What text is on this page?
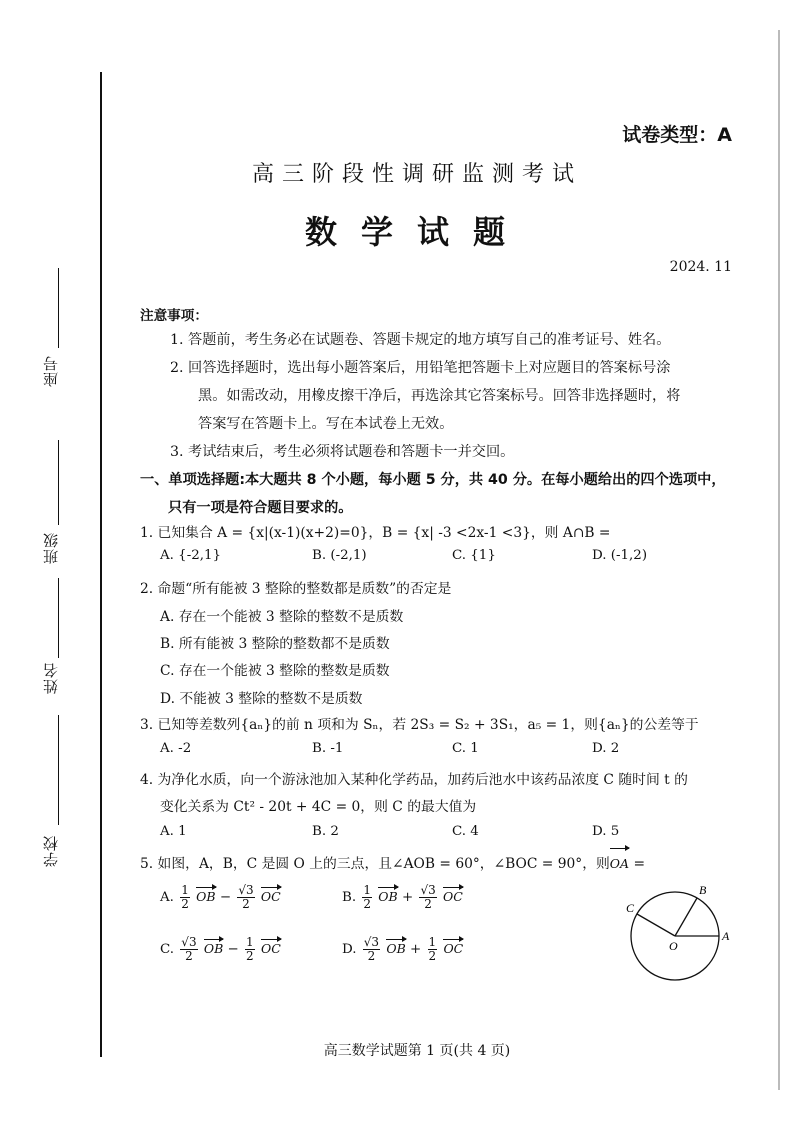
座号
班级
姓名
学校
试卷类型：A
高三阶段性调研监测考试
数学试题
2024. 11
注意事项：
1. 答题前，考生务必在试题卷、答题卡规定的地方填写自己的准考证号、姓名。
2. 回答选择题时，选出每小题答案后，用铅笔把答题卡上对应题目的答案标号涂
黑。如需改动，用橡皮擦干净后，再选涂其它答案标号。回答非选择题时，将
答案写在答题卡上。写在本试卷上无效。
3. 考试结束后，考生必须将试题卷和答题卡一并交回。
一、单项选择题:本大题共 8 个小题，每小题 5 分，共 40 分。在每小题给出的四个选项中，
只有一项是符合题目要求的。
1. 已知集合 A = {x|(x-1)(x+2)=0}，B = {x| -3 <2x-1 <3}，则 A∩B =
A. {-2,1}	B. (-2,1)	C. {1}	D. (-1,2)
2. 命题“所有能被 3 整除的整数都是质数”的否定是
A. 存在一个能被 3 整除的整数不是质数
B. 所有能被 3 整除的整数都不是质数
C. 存在一个能被 3 整除的整数是质数
D. 不能被 3 整除的整数不是质数
3. 已知等差数列{aₙ}的前 n 项和为 Sₙ，若 2S₃ = S₂ + 3S₁，a₅ = 1，则{aₙ}的公差等于
A. -2	B. -1	C. 1	D. 2
4. 为净化水质，向一个游泳池加入某种化学药品，加药后池水中该药品浓度 C 随时间 t 的
变化关系为 Ct² - 20t + 4C = 0，则 C 的最大值为
A. 1	B. 2	C. 4	D. 5
5. 如图，A，B，C 是圆 O 上的三点，且∠AOB = 60°，∠BOC = 90°，则OA =
A. $\frac{1}{2}$ OB − $\frac{√3}{2}$ OC	B. $\frac{1}{2}$ OB + $\frac{√3}{2}$ OC
C. $\frac{√3}{2}$ OB − $\frac{1}{2}$ OC	D. $\frac{√3}{2}$ OB + $\frac{1}{2}$ OC
A
B
C
O
高三数学试题第 1 页(共 4 页)
